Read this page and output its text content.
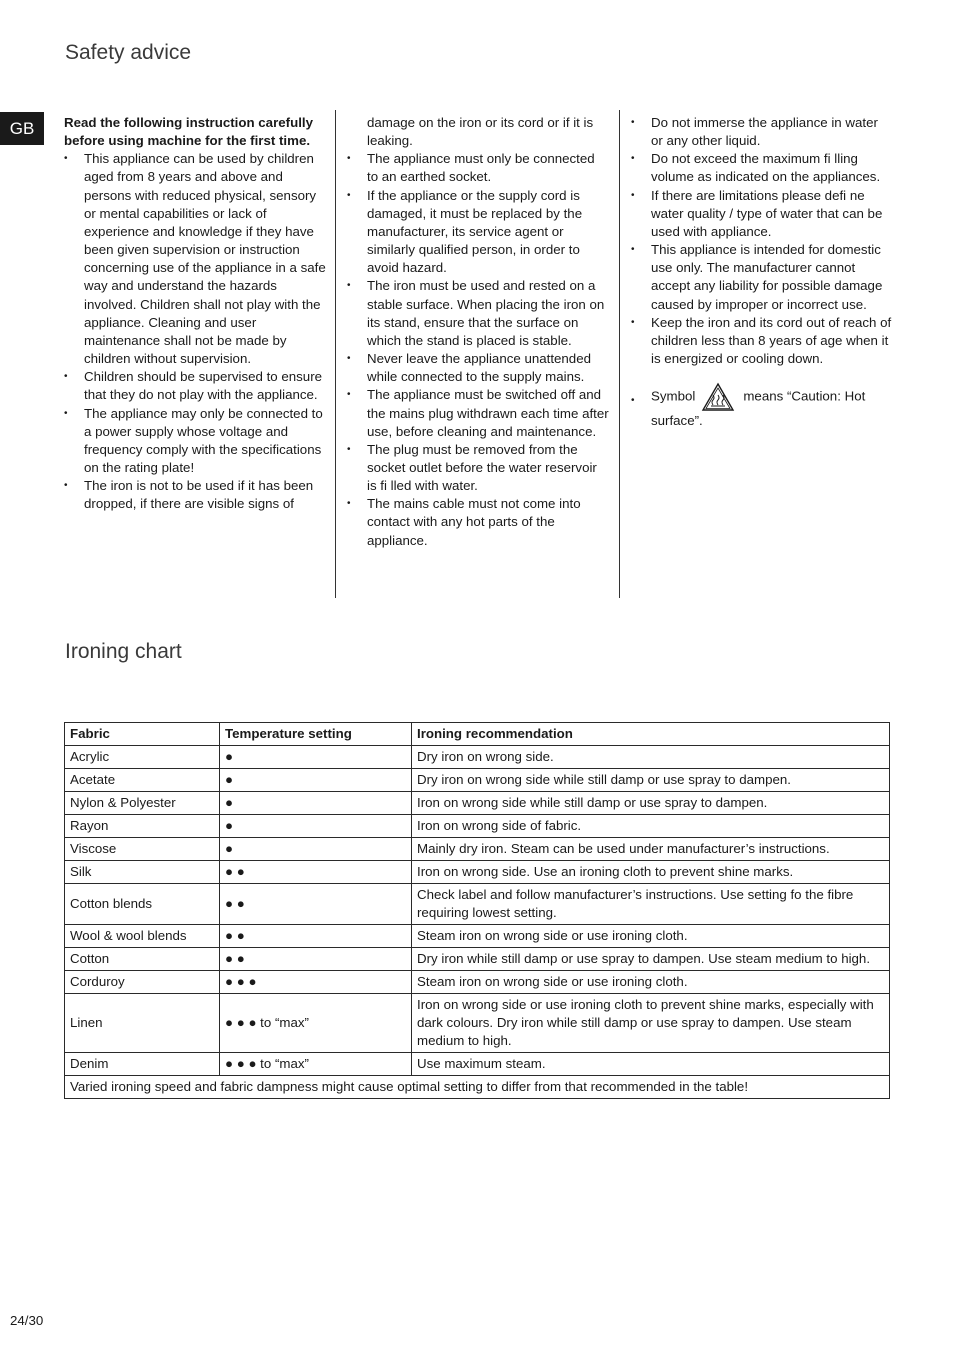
Safety advice
GB	Read the following instruction carefully before using machine for the first time.

• This appliance can be used by children aged from 8 years and above and persons with reduced physical, sensory or mental capabilities or lack of experience and knowledge if they have been given supervision or instruction concerning use of the appliance in a safe way and understand the hazards involved. Children shall not play with the appliance. Cleaning and user maintenance shall not be made by children without supervision.
• Children should be supervised to ensure that they do not play with the appliance.
• The appliance may only be connected to a power supply whose voltage and frequency comply with the specifications on the rating plate!
• The iron is not to be used if it has been dropped, if there are visible signs of

damage on the iron or its cord or if it is leaking.

• The appliance must only be connected to an earthed socket.
• If the appliance or the supply cord is damaged, it must be replaced by the manufacturer, its service agent or similarly qualified person, in order to avoid hazard.
• The iron must be used and rested on a stable surface. When placing the iron on its stand, ensure that the surface on which the stand is placed is stable.
• Never leave the appliance unattended while connected to the supply mains.
• The appliance must be switched off and the mains plug withdrawn each time after use, before cleaning and maintenance.
• The plug must be removed from the socket outlet before the water reservoir is fi lled with water.
• The mains cable must not come into contact with any hot parts of the appliance.
• Do not immerse the appliance in water or any other liquid.
• Do not exceed the maximum fi lling volume as indicated on the appliances.
• If there are limitations please defi ne water quality / type of water that can be used with appliance.
• This appliance is intended for domestic use only. The manufacturer cannot accept any liability for possible damage caused by improper or incorrect use.
• Keep the iron and its cord out of reach of children less than 8 years of age when it is energized or cooling down.
• Symbol	means “Caution: Hot
surface”.
Ironing chart
Fabric	Temperature setting	Ironing recommendation
Acrylic	●	Dry iron on wrong side.
Acetate	●	Dry iron on wrong side while still damp or use spray to dampen.
Nylon & Polyester	●	Iron on wrong side while still damp or use spray to dampen.
Rayon	●	Iron on wrong side of fabric.
Viscose	●	Mainly dry iron. Steam can be used under manufacturer’s instructions.
Silk	● ●	Iron on wrong side. Use an ironing cloth to prevent shine marks.
Cotton blends	● ●	Check label and follow manufacturer’s instructions. Use setting fo the fibre requiring lowest setting.
Wool & wool blends	● ●	Steam iron on wrong side or use ironing cloth.
Cotton	● ●	Dry iron while still damp or use spray to dampen. Use steam medium to high.
Corduroy	● ● ●	Steam iron on wrong side or use ironing cloth.
Linen	● ● ● to “max”	Iron on wrong side or use ironing cloth to prevent shine marks, especially with dark colours. Dry iron while still damp or use spray to dampen. Use steam medium to high.
Denim	● ● ● to “max”	Use maximum steam.
Varied ironing speed and fabric dampness might cause optimal setting to differ from that recommended in the table!		
24/30
